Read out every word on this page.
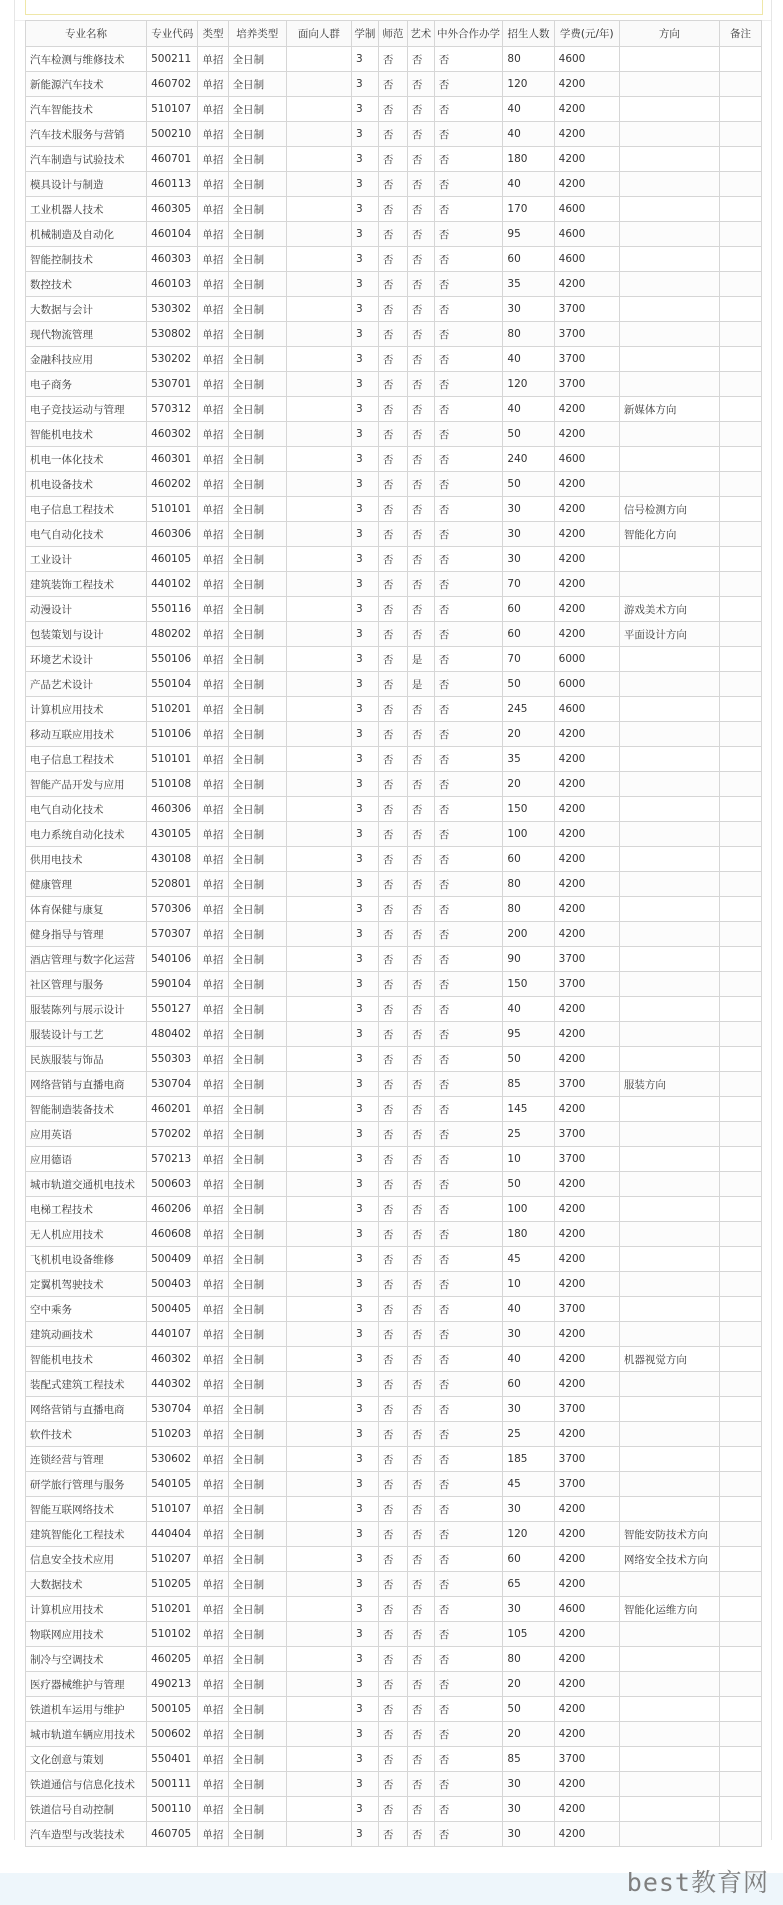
专业名称	专业代码	类型	培养类型	面向人群	学制	师范	艺术	中外合作办学	招生人数	学费(元/年)	方向	备注
汽车检测与维修技术	500211	单招	全日制		3	否	否	否	80	4600		
新能源汽车技术	460702	单招	全日制		3	否	否	否	120	4200		
汽车智能技术	510107	单招	全日制		3	否	否	否	40	4200		
汽车技术服务与营销	500210	单招	全日制		3	否	否	否	40	4200		
汽车制造与试验技术	460701	单招	全日制		3	否	否	否	180	4200		
模具设计与制造	460113	单招	全日制		3	否	否	否	40	4200		
工业机器人技术	460305	单招	全日制		3	否	否	否	170	4600		
机械制造及自动化	460104	单招	全日制		3	否	否	否	95	4600		
智能控制技术	460303	单招	全日制		3	否	否	否	60	4600		
数控技术	460103	单招	全日制		3	否	否	否	35	4200		
大数据与会计	530302	单招	全日制		3	否	否	否	30	3700		
现代物流管理	530802	单招	全日制		3	否	否	否	80	3700		
金融科技应用	530202	单招	全日制		3	否	否	否	40	3700		
电子商务	530701	单招	全日制		3	否	否	否	120	3700		
电子竞技运动与管理	570312	单招	全日制		3	否	否	否	40	4200	新媒体方向	
智能机电技术	460302	单招	全日制		3	否	否	否	50	4200		
机电一体化技术	460301	单招	全日制		3	否	否	否	240	4600		
机电设备技术	460202	单招	全日制		3	否	否	否	50	4200		
电子信息工程技术	510101	单招	全日制		3	否	否	否	30	4200	信号检测方向	
电气自动化技术	460306	单招	全日制		3	否	否	否	30	4200	智能化方向	
工业设计	460105	单招	全日制		3	否	否	否	30	4200		
建筑装饰工程技术	440102	单招	全日制		3	否	否	否	70	4200		
动漫设计	550116	单招	全日制		3	否	否	否	60	4200	游戏美术方向	
包装策划与设计	480202	单招	全日制		3	否	否	否	60	4200	平面设计方向	
环境艺术设计	550106	单招	全日制		3	否	是	否	70	6000		
产品艺术设计	550104	单招	全日制		3	否	是	否	50	6000		
计算机应用技术	510201	单招	全日制		3	否	否	否	245	4600		
移动互联应用技术	510106	单招	全日制		3	否	否	否	20	4200		
电子信息工程技术	510101	单招	全日制		3	否	否	否	35	4200		
智能产品开发与应用	510108	单招	全日制		3	否	否	否	20	4200		
电气自动化技术	460306	单招	全日制		3	否	否	否	150	4200		
电力系统自动化技术	430105	单招	全日制		3	否	否	否	100	4200		
供用电技术	430108	单招	全日制		3	否	否	否	60	4200		
健康管理	520801	单招	全日制		3	否	否	否	80	4200		
体育保健与康复	570306	单招	全日制		3	否	否	否	80	4200		
健身指导与管理	570307	单招	全日制		3	否	否	否	200	4200		
酒店管理与数字化运营	540106	单招	全日制		3	否	否	否	90	3700		
社区管理与服务	590104	单招	全日制		3	否	否	否	150	3700		
服装陈列与展示设计	550127	单招	全日制		3	否	否	否	40	4200		
服装设计与工艺	480402	单招	全日制		3	否	否	否	95	4200		
民族服装与饰品	550303	单招	全日制		3	否	否	否	50	4200		
网络营销与直播电商	530704	单招	全日制		3	否	否	否	85	3700	服装方向	
智能制造装备技术	460201	单招	全日制		3	否	否	否	145	4200		
应用英语	570202	单招	全日制		3	否	否	否	25	3700		
应用德语	570213	单招	全日制		3	否	否	否	10	3700		
城市轨道交通机电技术	500603	单招	全日制		3	否	否	否	50	4200		
电梯工程技术	460206	单招	全日制		3	否	否	否	100	4200		
无人机应用技术	460608	单招	全日制		3	否	否	否	180	4200		
飞机机电设备维修	500409	单招	全日制		3	否	否	否	45	4200		
定翼机驾驶技术	500403	单招	全日制		3	否	否	否	10	4200		
空中乘务	500405	单招	全日制		3	否	否	否	40	3700		
建筑动画技术	440107	单招	全日制		3	否	否	否	30	4200		
智能机电技术	460302	单招	全日制		3	否	否	否	40	4200	机器视觉方向	
装配式建筑工程技术	440302	单招	全日制		3	否	否	否	60	4200		
网络营销与直播电商	530704	单招	全日制		3	否	否	否	30	3700		
软件技术	510203	单招	全日制		3	否	否	否	25	4200		
连锁经营与管理	530602	单招	全日制		3	否	否	否	185	3700		
研学旅行管理与服务	540105	单招	全日制		3	否	否	否	45	3700		
智能互联网络技术	510107	单招	全日制		3	否	否	否	30	4200		
建筑智能化工程技术	440404	单招	全日制		3	否	否	否	120	4200	智能安防技术方向	
信息安全技术应用	510207	单招	全日制		3	否	否	否	60	4200	网络安全技术方向	
大数据技术	510205	单招	全日制		3	否	否	否	65	4200		
计算机应用技术	510201	单招	全日制		3	否	否	否	30	4600	智能化运维方向	
物联网应用技术	510102	单招	全日制		3	否	否	否	105	4200		
制冷与空调技术	460205	单招	全日制		3	否	否	否	80	4200		
医疗器械维护与管理	490213	单招	全日制		3	否	否	否	20	4200		
铁道机车运用与维护	500105	单招	全日制		3	否	否	否	50	4200		
城市轨道车辆应用技术	500602	单招	全日制		3	否	否	否	20	4200		
文化创意与策划	550401	单招	全日制		3	否	否	否	85	3700		
铁道通信与信息化技术	500111	单招	全日制		3	否	否	否	30	4200		
铁道信号自动控制	500110	单招	全日制		3	否	否	否	30	4200		
汽车造型与改装技术	460705	单招	全日制		3	否	否	否	30	4200		
best教育网
